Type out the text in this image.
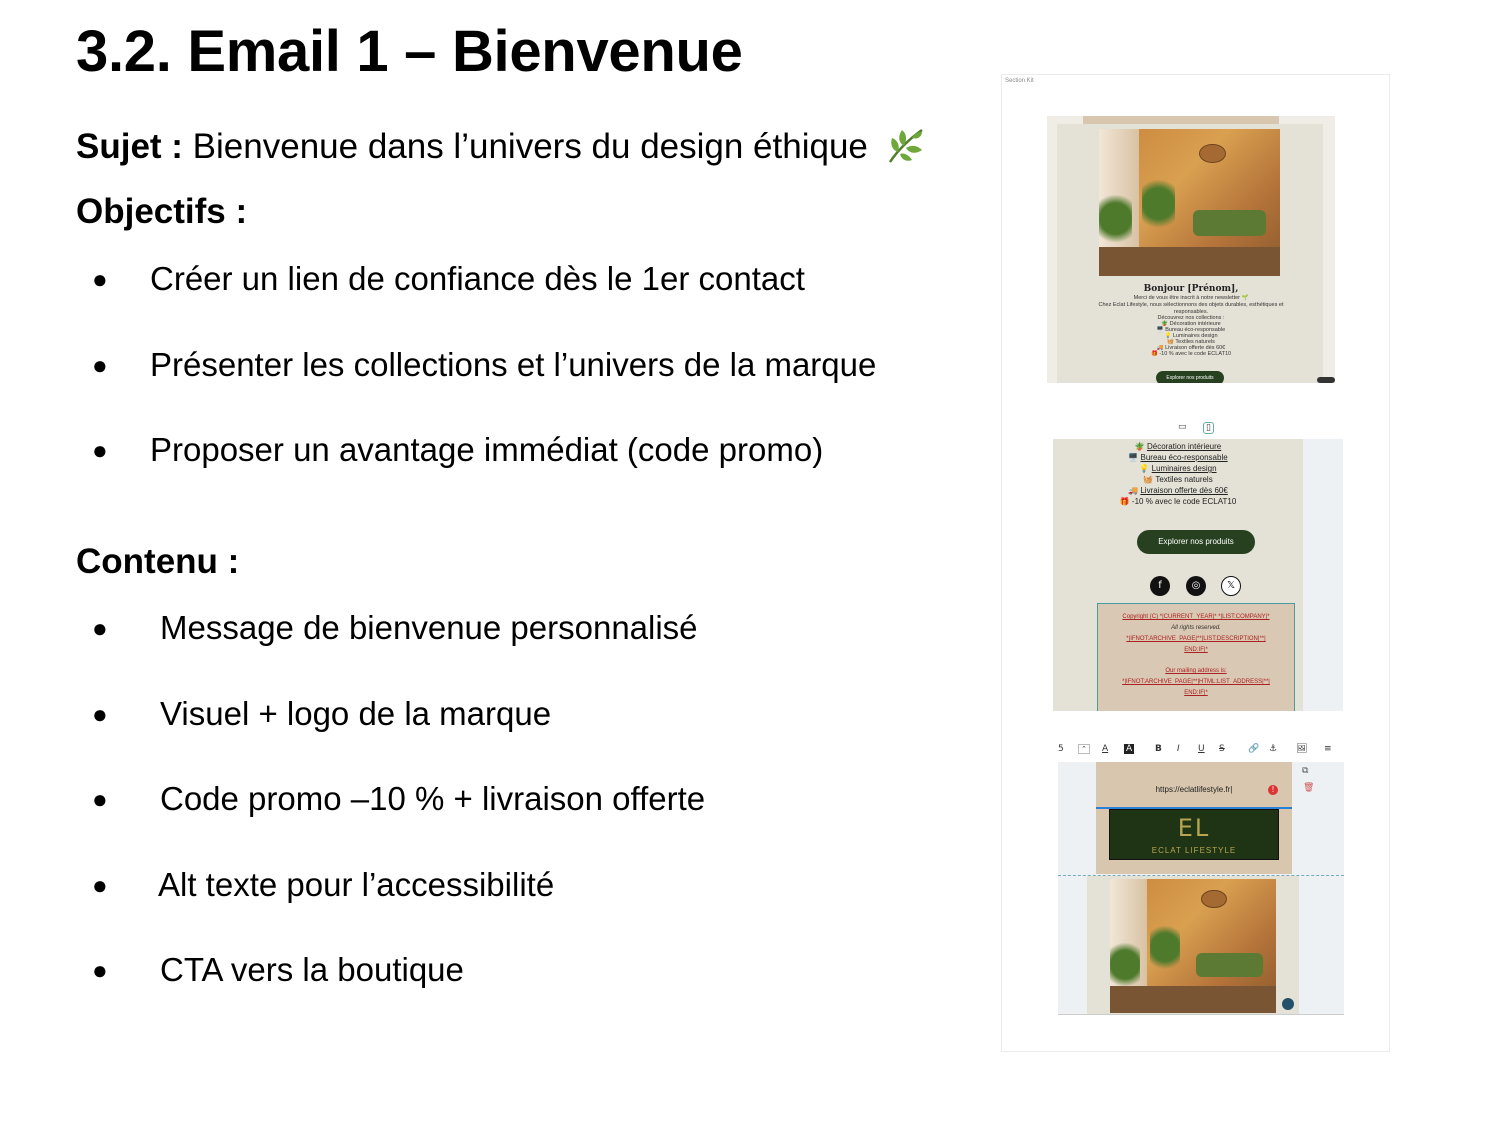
3.2. Email 1 – Bienvenue
Sujet : Bienvenue dans l’univers du design éthique
Objectifs :
● Créer un lien de confiance dès le 1er contact
● Présenter les collections et l’univers de la marque
● Proposer un avantage immédiat (code promo)
Contenu :
● Message de bienvenue personnalisé
● Visuel + logo de la marque
● Code promo –10 % + livraison offerte
● Alt texte pour l’accessibilité
● CTA vers la boutique
Section Kit
Bonjour [Prénom],
Merci de vous être inscrit à notre newsletter 🌱
Chez Eclat Lifestyle, nous sélectionnons des objets durables, esthétiques et responsables.
Découvrez nos collections :
🪴 Décoration intérieure
🖥️ Bureau éco-responsable
💡 Luminaires design
🧺 Textiles naturels
🚚 Livraison offerte dès 60€
🎁 -10 % avec le code ECLAT10
Explorer nos produits
▭	▯
🪴 Décoration intérieure
🖥️ Bureau éco-responsable
💡 Luminaires design
🧺 Textiles naturels
🚚 Livraison offerte dès 60€
🎁 -10 % avec le code ECLAT10
Explorer nos produits
f	◎	𝕏
Copyright (C) *|CURRENT_YEAR|* *|LIST:COMPANY|*
All rights reserved.
*|IFNOT:ARCHIVE_PAGE|**|LIST:DESCRIPTION|**|
END:IF|*
Our mailing address is:
*|IFNOT:ARCHIVE_PAGE|**|HTML:LIST_ADDRESS|**|
END:IF|*
5	⌃	A A	B I U S	🔗 ⚓ 🖼 ≡
https://eclatlifestyle.fr|	!
EL
ECLAT LIFESTYLE
⧉
🗑
